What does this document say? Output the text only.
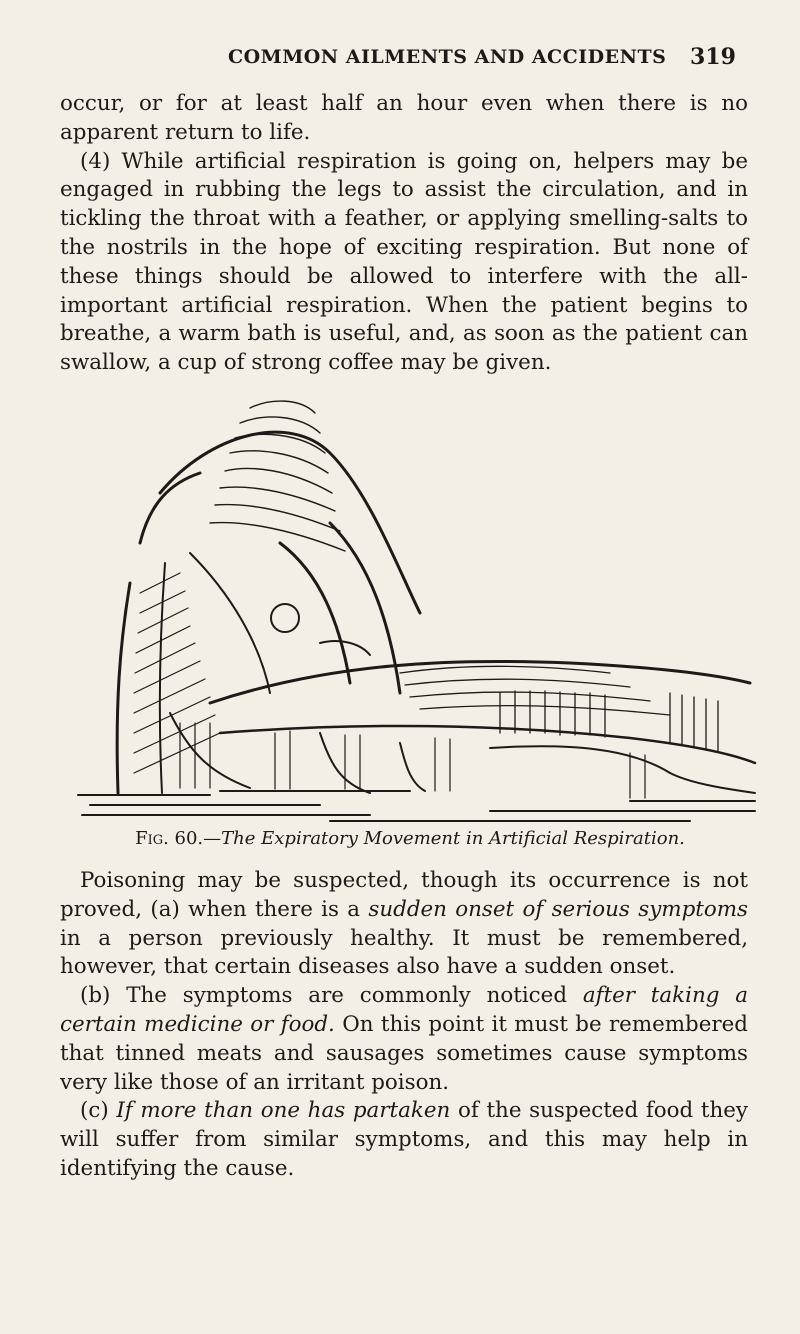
COMMON AILMENTS AND ACCIDENTS 319

occur, or for at least half an hour even when there is no apparent return to life.

(4) While artificial respiration is going on, helpers may be engaged in rubbing the legs to assist the circulation, and in tickling the throat with a feather, or applying smelling-salts to the nostrils in the hope of exciting respiration. But none of these things should be allowed to interfere with the all-important artificial respiration. When the patient begins to breathe, a warm bath is useful, and, as soon as the patient can swallow, a cup of strong coffee may be given.

Fig. 60.—The Expiratory Movement in Artificial Respiration.

Poisoning may be suspected, though its occurrence is not proved, (a) when there is a sudden onset of serious symptoms in a person previously healthy. It must be remembered, however, that certain diseases also have a sudden onset.

(b) The symptoms are commonly noticed after taking a certain medicine or food. On this point it must be remembered that tinned meats and sausages sometimes cause symptoms very like those of an irritant poison.

(c) If more than one has partaken of the suspected food they will suffer from similar symptoms, and this may help in identifying the cause.
